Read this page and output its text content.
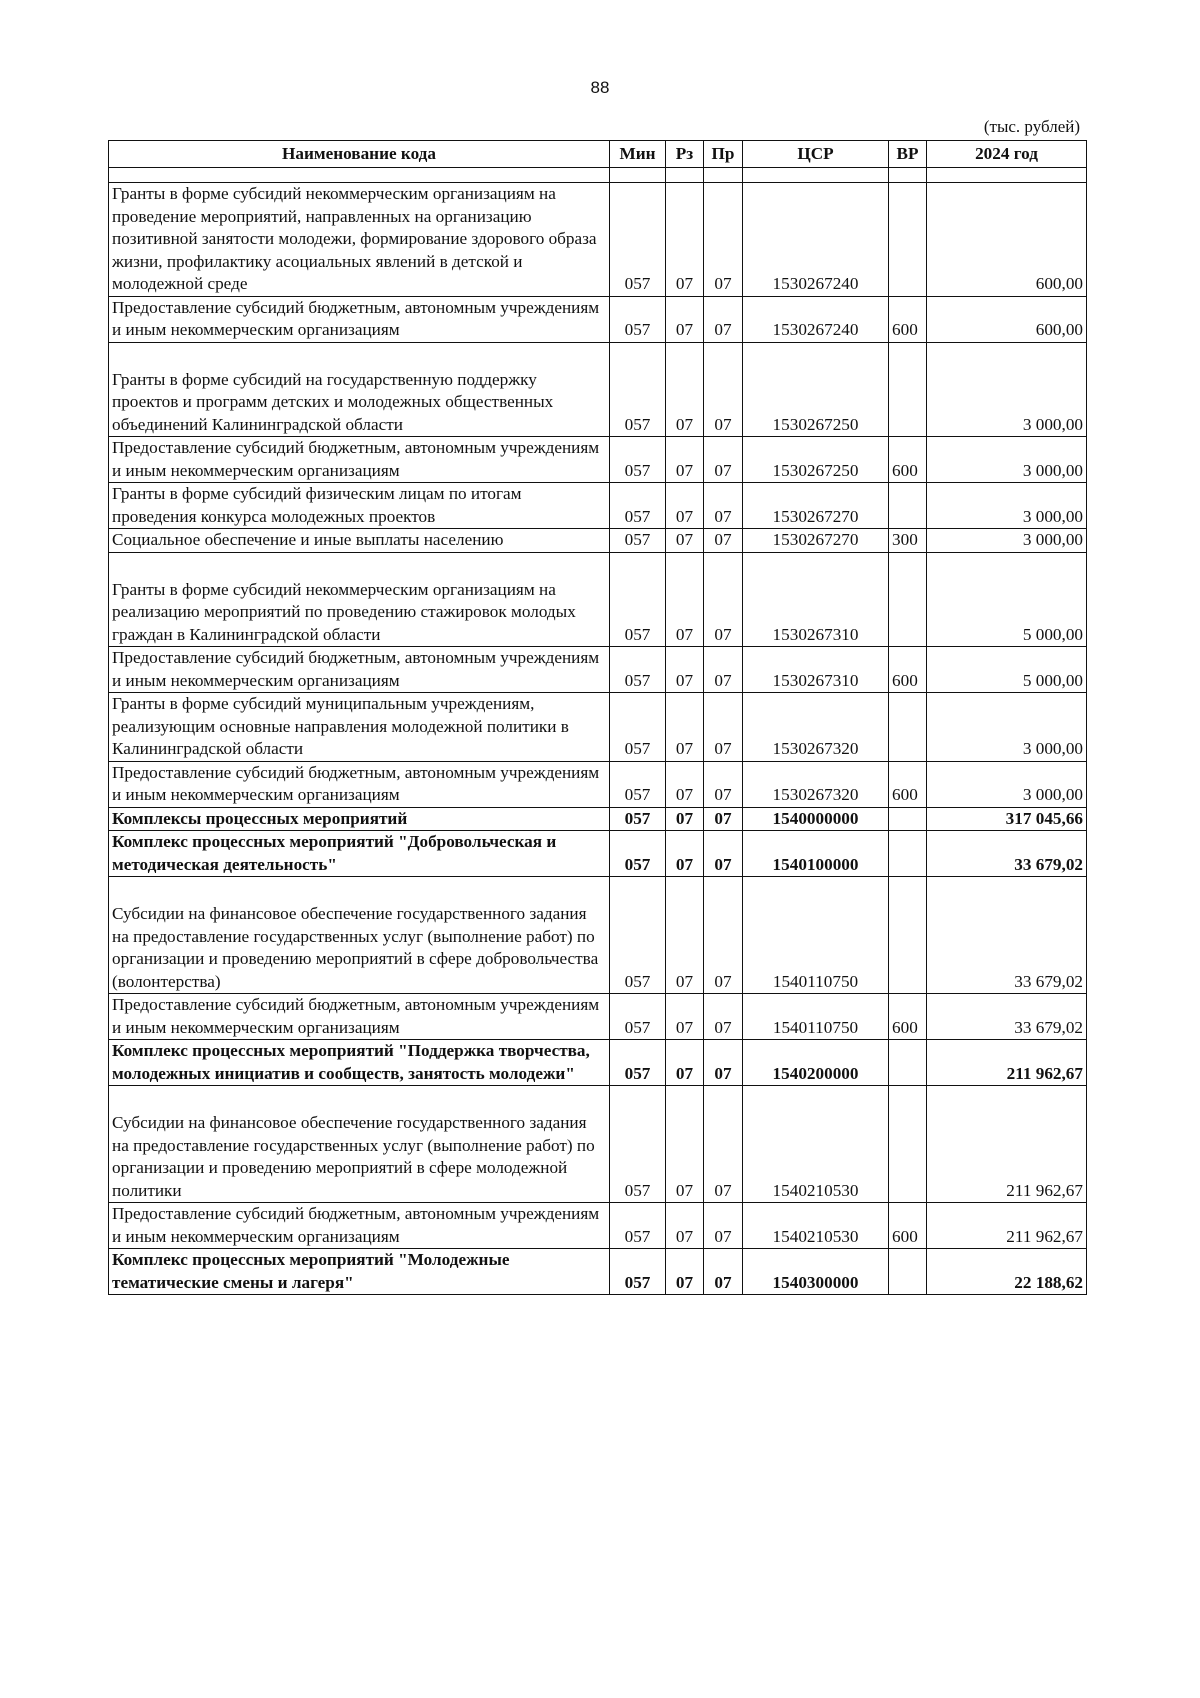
88
(тыс. рублей)
Наименование кода	Мин	Рз	Пр	ЦСР	ВР	2024 год

Гранты в форме субсидий некоммерческим организациям на проведение мероприятий, направленных на организацию позитивной занятости молодежи, формирование здорового образа жизни, профилактику асоциальных явлений в детской и молодежной среде	057	07	07	1530267240		600,00
Предоставление субсидий бюджетным, автономным учреждениям и иным некоммерческим организациям	057	07	07	1530267240	600	600,00
Гранты в форме субсидий на государственную поддержку проектов и программ детских и молодежных общественных объединений Калининградской области	057	07	07	1530267250		3 000,00
Предоставление субсидий бюджетным, автономным учреждениям и иным некоммерческим организациям	057	07	07	1530267250	600	3 000,00
Гранты в форме субсидий физическим лицам по итогам проведения конкурса молодежных проектов	057	07	07	1530267270		3 000,00
Социальное обеспечение и иные выплаты населению	057	07	07	1530267270	300	3 000,00
Гранты в форме субсидий некоммерческим организациям на реализацию мероприятий по проведению стажировок молодых граждан в Калининградской области	057	07	07	1530267310		5 000,00
Предоставление субсидий бюджетным, автономным учреждениям и иным некоммерческим организациям	057	07	07	1530267310	600	5 000,00
Гранты в форме субсидий муниципальным учреждениям, реализующим основные направления молодежной политики в Калининградской области	057	07	07	1530267320		3 000,00
Предоставление субсидий бюджетным, автономным учреждениям и иным некоммерческим организациям	057	07	07	1530267320	600	3 000,00
Комплексы процессных мероприятий	057	07	07	1540000000		317 045,66
Комплекс процессных мероприятий "Добровольческая и методическая деятельность"	057	07	07	1540100000		33 679,02
Субсидии на финансовое обеспечение государственного задания на предоставление государственных услуг (выполнение работ) по организации и проведению мероприятий в сфере добровольчества (волонтерства)	057	07	07	1540110750		33 679,02
Предоставление субсидий бюджетным, автономным учреждениям и иным некоммерческим организациям	057	07	07	1540110750	600	33 679,02
Комплекс процессных мероприятий "Поддержка творчества, молодежных инициатив и сообществ, занятость молодежи"	057	07	07	1540200000		211 962,67
Субсидии на финансовое обеспечение государственного задания на предоставление государственных услуг (выполнение работ) по организации и проведению мероприятий в сфере молодежной политики	057	07	07	1540210530		211 962,67
Предоставление субсидий бюджетным, автономным учреждениям и иным некоммерческим организациям	057	07	07	1540210530	600	211 962,67
Комплекс процессных мероприятий "Молодежные тематические смены и лагеря"	057	07	07	1540300000		22 188,62
